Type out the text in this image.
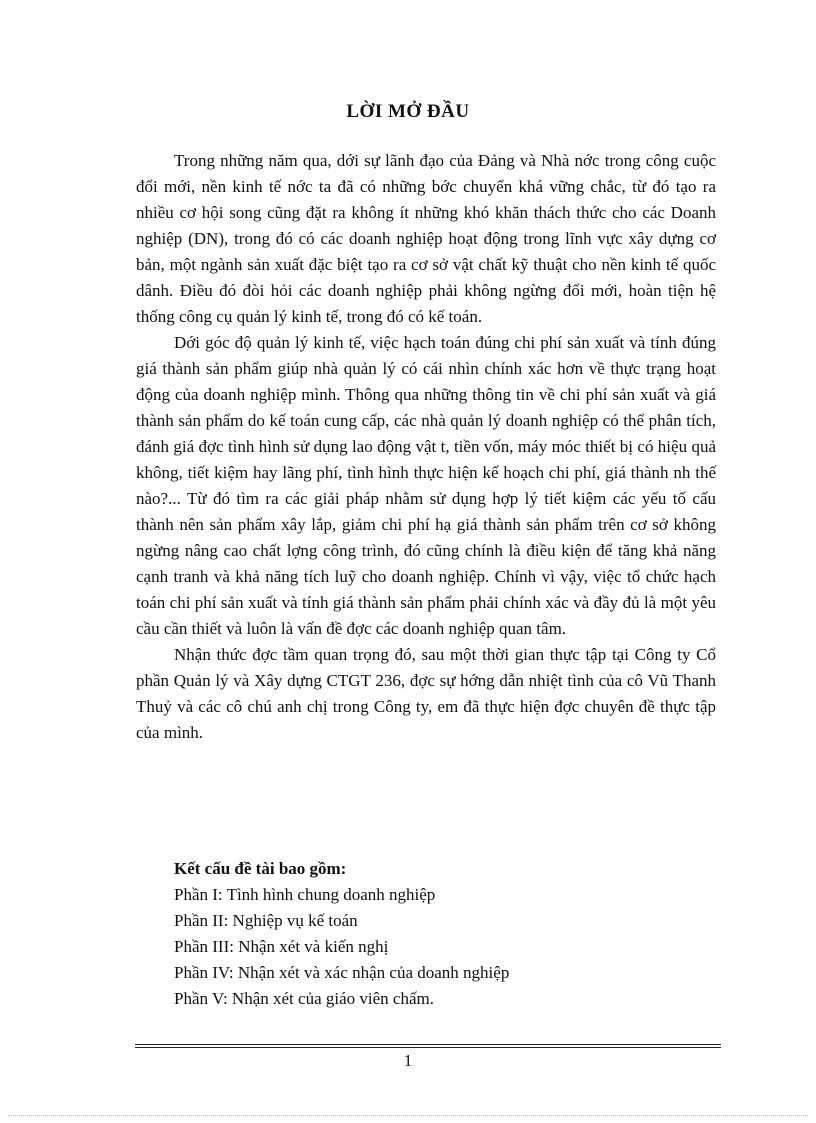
LỜI MỞ ĐẦU

Trong những năm qua, dới sự lãnh đạo của Đảng và Nhà nớc trong công cuộc đổi mới, nền kinh tế nớc ta đã có những bớc chuyển khá vững chắc, từ đó tạo ra nhiều cơ hội song cũng đặt ra không ít những khó khăn thách thức cho các Doanh nghiệp (DN), trong đó có các doanh nghiệp hoạt động trong lĩnh vực xây dựng cơ bản, một ngành sản xuất đặc biệt tạo ra cơ sở vật chất kỹ thuật cho nền kinh tế quốc dânh. Điều đó đòi hỏi các doanh nghiệp phải không ngừng đổi mới, hoàn tiện hệ thống công cụ quản lý kinh tế, trong đó có kế toán.

Dới góc độ quản lý kinh tế, việc hạch toán đúng chi phí sản xuất và tính đúng giá thành sản phẩm giúp nhà quản lý có cái nhìn chính xác hơn về thực trạng hoạt động của doanh nghiệp mình. Thông qua những thông tin về chi phí sản xuất và giá thành sản phẩm do kế toán cung cấp, các nhà quản lý doanh nghiệp có thể phân tích, đánh giá đợc tình hình sử dụng lao động vật t, tiền vốn, máy móc thiết bị có hiệu quả không, tiết kiệm hay lãng phí, tình hình thực hiện kế hoạch chi phí, giá thành nh thế nào?... Từ đó tìm ra các giải pháp nhằm sử dụng hợp lý tiết kiệm các yếu tố cấu thành nên sản phẩm xây lắp, giảm chi phí hạ giá thành sản phẩm trên cơ sở không ngừng nâng cao chất lợng công trình, đó cũng chính là điều kiện để tăng khả năng cạnh tranh và khả năng tích luỹ cho doanh nghiệp. Chính vì vậy, việc tổ chức hạch toán chi phí sản xuất và tính giá thành sản phẩm phải chính xác và đầy đủ là một yêu cầu cần thiết và luôn là vấn đề đợc các doanh nghiệp quan tâm.

Nhận thức đợc tầm quan trọng đó, sau một thời gian thực tập tại Công ty Cổ phần Quản lý và Xây dựng CTGT 236, đợc sự hớng dẫn nhiệt tình của cô Vũ Thanh Thuỷ và các cô chú anh chị trong Công ty, em đã thực hiện đợc chuyên đề thực tập của mình.

Kết cấu đề tài bao gồm:

Phần I: Tình hình chung doanh nghiệp

Phần II: Nghiệp vụ kế toán

Phần III: Nhận xét và kiến nghị

Phần IV: Nhận xét và xác nhận của doanh nghiệp

Phần V: Nhận xét của giáo viên chấm.

1
